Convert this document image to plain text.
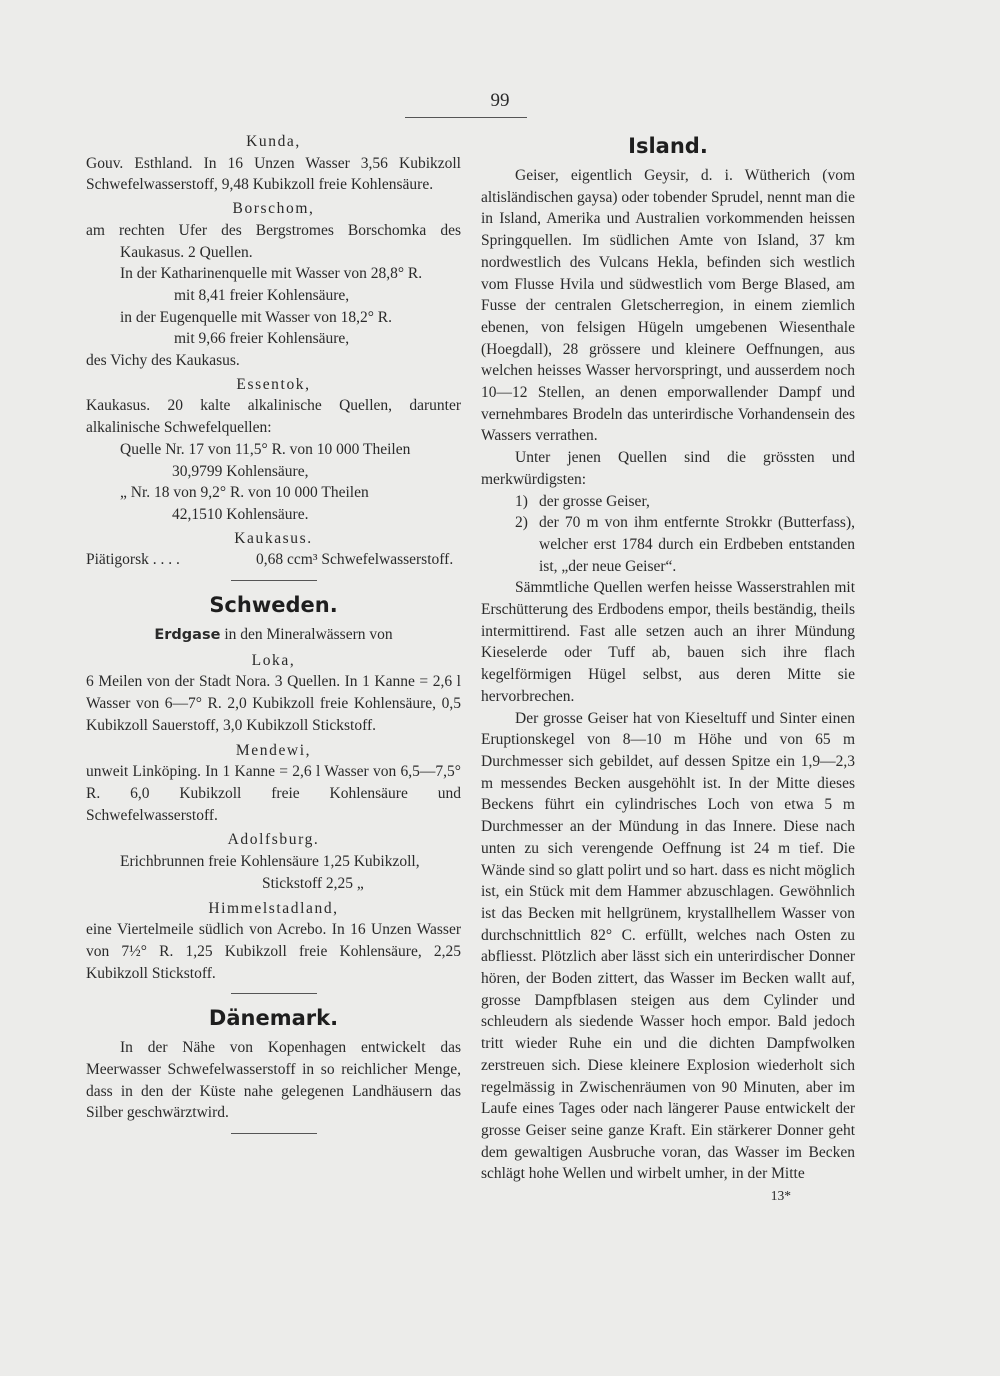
99

Kunda,

Gouv. Esthland. In 16 Unzen Wasser 3,56 Kubikzoll Schwefelwasserstoff, 9,48 Kubikzoll freie Kohlensäure.

Borschom,

am rechten Ufer des Bergstromes Borschomka des Kaukasus. 2 Quellen.

In der Katharinenquelle mit Wasser von 28,8° R.

mit 8,41 freier Kohlensäure,

in der Eugenquelle mit Wasser von 18,2° R.

mit 9,66 freier Kohlensäure,

des Vichy des Kaukasus.

Essentok,

Kaukasus. 20 kalte alkalinische Quellen, darunter alkalinische Schwefelquellen:

Quelle Nr. 17 von 11,5° R. von 10 000 Theilen

30,9799 Kohlensäure,

„ Nr. 18 von 9,2° R. von 10 000 Theilen

42,1510 Kohlensäure.

Kaukasus.

Piätigorsk . . . .	0,68 ccm³ Schwefelwasserstoff.
Schweden.

Erdgase in den Mineralwässern von

Loka,

6 Meilen von der Stadt Nora. 3 Quellen. In 1 Kanne = 2,6 l Wasser von 6—7° R. 2,0 Kubikzoll freie Kohlensäure, 0,5 Kubikzoll Sauerstoff, 3,0 Kubikzoll Stickstoff.

Mendewi,

unweit Linköping. In 1 Kanne = 2,6 l Wasser von 6,5—7,5° R. 6,0 Kubikzoll freie Kohlensäure und Schwefelwasserstoff.

Adolfsburg.

Erichbrunnen freie Kohlensäure 1,25 Kubikzoll,

Stickstoff 2,25 „

Himmelstadland,

eine Viertelmeile südlich von Acrebo. In 16 Unzen Wasser von 7½° R. 1,25 Kubikzoll freie Kohlensäure, 2,25 Kubikzoll Stickstoff.

Dänemark.

In der Nähe von Kopenhagen entwickelt das Meerwasser Schwefelwasserstoff in so reichlicher Menge, dass in den der Küste nahe gelegenen Landhäusern das Silber geschwärztwird.

Island.

Geiser, eigentlich Geysir, d. i. Wütherich (vom altisländischen gaysa) oder tobender Sprudel, nennt man die in Island, Amerika und Australien vorkommenden heissen Springquellen. Im südlichen Amte von Island, 37 km nordwestlich des Vulcans Hekla, befinden sich westlich vom Flusse Hvila und südwestlich vom Berge Blased, am Fusse der centralen Gletscherregion, in einem ziemlich ebenen, von felsigen Hügeln umgebenen Wiesenthale (Hoegdall), 28 grössere und kleinere Oeffnungen, aus welchen heisses Wasser hervorspringt, und ausserdem noch 10—12 Stellen, an denen emporwallender Dampf und vernehmbares Brodeln das unterirdische Vorhandensein des Wassers verrathen.

Unter jenen Quellen sind die grössten und merkwürdigsten:

1) der grosse Geiser,
2) der 70 m von ihm entfernte Strokkr (Butterfass), welcher erst 1784 durch ein Erdbeben entstanden ist, „der neue Geiser“.

Sämmtliche Quellen werfen heisse Wasserstrahlen mit Erschütterung des Erdbodens empor, theils beständig, theils intermittirend. Fast alle setzen auch an ihrer Mündung Kieselerde oder Tuff ab, bauen sich ihre flach kegelförmigen Hügel selbst, aus deren Mitte sie hervorbrechen.

Der grosse Geiser hat von Kieseltuff und Sinter einen Eruptionskegel von 8—10 m Höhe und von 65 m Durchmesser sich gebildet, auf dessen Spitze ein 1,9—2,3 m messendes Becken ausgehöhlt ist. In der Mitte dieses Beckens führt ein cylindrisches Loch von etwa 5 m Durchmesser an der Mündung in das Innere. Diese nach unten zu sich verengende Oeffnung ist 24 m tief. Die Wände sind so glatt polirt und so hart. dass es nicht möglich ist, ein Stück mit dem Hammer abzuschlagen. Gewöhnlich ist das Becken mit hellgrünem, krystallhellem Wasser von durchschnittlich 82° C. erfüllt, welches nach Osten zu abfliesst. Plötzlich aber lässt sich ein unterirdischer Donner hören, der Boden zittert, das Wasser im Becken wallt auf, grosse Dampfblasen steigen aus dem Cylinder und schleudern als siedende Wasser hoch empor. Bald jedoch tritt wieder Ruhe ein und die dichten Dampfwolken zerstreuen sich. Diese kleinere Explosion wiederholt sich regelmässig in Zwischenräumen von 90 Minuten, aber im Laufe eines Tages oder nach längerer Pause entwickelt der grosse Geiser seine ganze Kraft. Ein stärkerer Donner geht dem gewaltigen Ausbruche voran, das Wasser im Becken schlägt hohe Wellen und wirbelt umher, in der Mitte

13*
